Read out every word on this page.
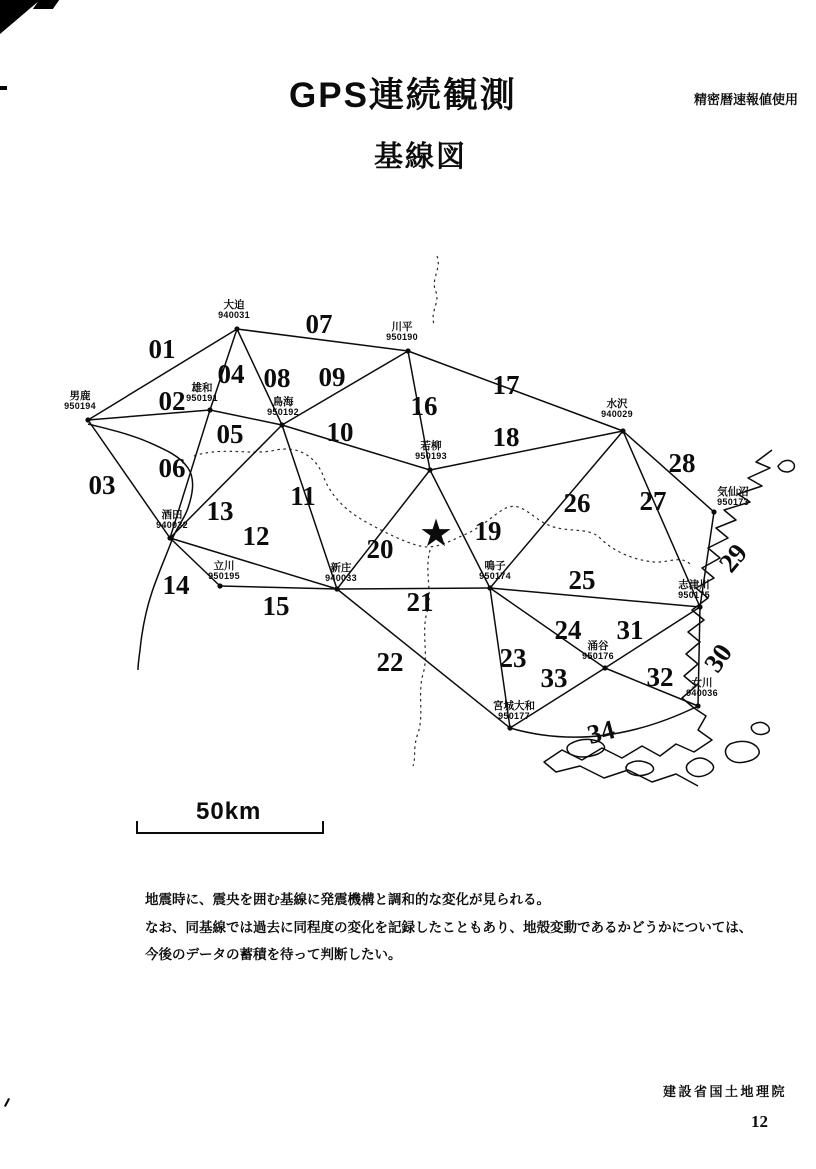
GPS連続観測	精密暦速報値使用
基線図
01
02
03
04
05
06
07
08 09
10
11
12
13
14
15
16
17
18
19
20
21
22	23
24
25
26 27
28
29
30
31
32
33
34
男鹿
950194
大迫
940031
雄和
950191	鳥海
950192
川平
950190
水沢
940029
若柳
950193
気仙沼
950173
酒田
940032
立川
950195
新庄
940033
鳴子
950174
志津川
950175
涌谷
950176
女川
940036
宮城大和
950177
★
50km
地震時に、震央を囲む基線に発震機構と調和的な変化が見られる。
なお、同基線では過去に同程度の変化を記録したこともあり、地殻変動であるかどうかについては、
今後のデータの蓄積を待って判断したい。
建設省国土地理院
12
